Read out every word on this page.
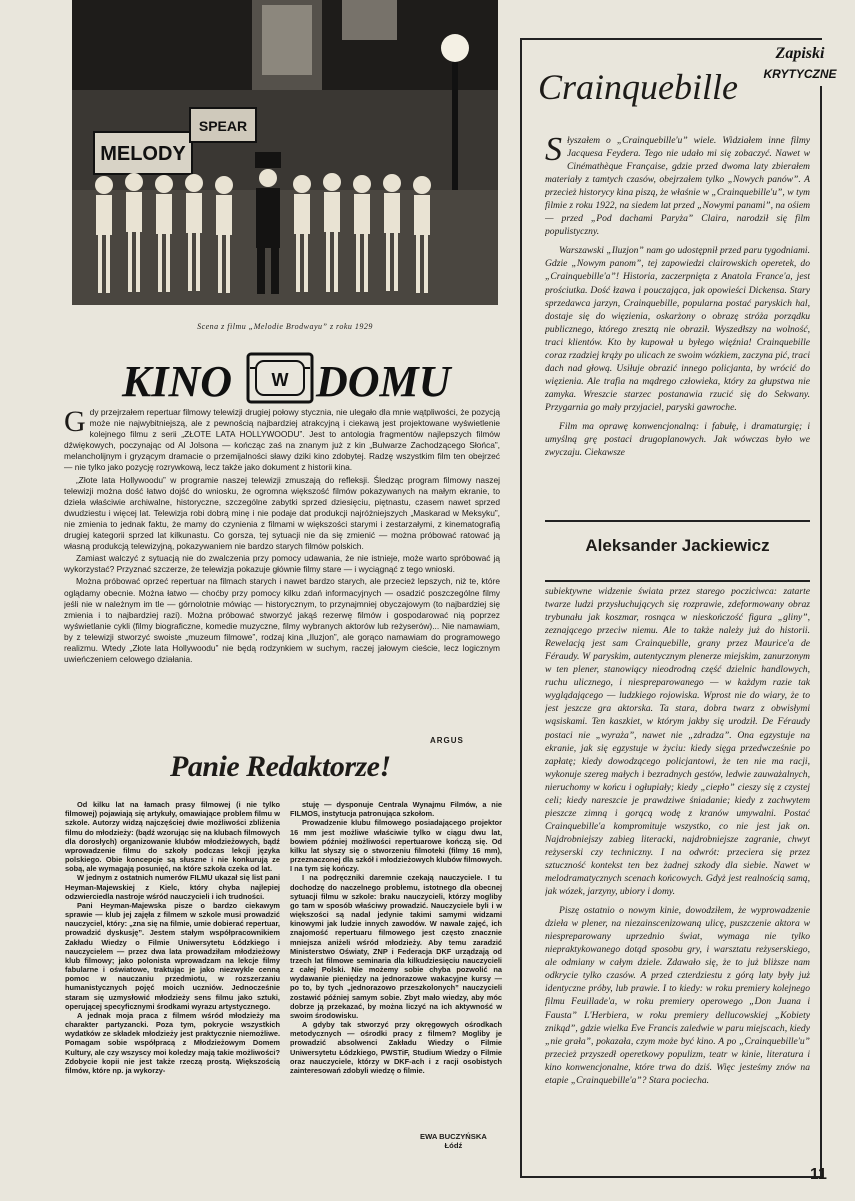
MELODY
SPEAR
Scena z filmu „Melodie Brodwayu” z roku 1929
KINO W DOMU

Gdy przejrzałem repertuar filmowy telewizji drugiej połowy stycznia, nie ulegało dla mnie wątpliwości, że pozycją może nie najwybitniejszą, ale z pewnością najbardziej atrakcyjną i ciekawą jest projektowane wyświetlenie kolejnego filmu z serii „ZŁOTE LATA HOLLYWOODU”. Jest to antologia fragmentów najlepszych filmów dźwiękowych, poczynając od Al Jolsona — kończąc zaś na znanym już z kin „Bulwarze Zachodzącego Słońca”, melancholijnym i gryzącym dramacie o przemijalności sławy dziki kino zdobytej. Radzę wszystkim film ten obejrzeć — nie tylko jako pozycję rozrywkową, lecz także jako dokument z historii kina.

„Złote lata Hollywoodu” w programie naszej telewizji zmuszają do refleksji. Śledząc program filmowy naszej telewizji można dość łatwo dojść do wniosku, że ogromna większość filmów pokazywanych na małym ekranie, to dzieła właściwie archiwalne, historyczne, szczególne zabytki sprzed dziesięciu, piętnastu, czasem nawet sprzed dwudziestu i więcej lat. Telewizja robi dobrą minę i nie podaje dat produkcji najróżniejszych „Maskarad w Meksyku”, nie zmienia to jednak faktu, że mamy do czynienia z filmami w większości starymi i zestarzałymi, z kinematografią drugiej kategorii sprzed lat kilkunastu. Co gorsza, tej sytuacji nie da się zmienić — można próbować ratować ją własną produkcją telewizyjną, pokazywaniem nie bardzo starych filmów polskich.

Zamiast walczyć z sytuacją nie do zwalczenia przy pomocy udawania, że nie istnieje, może warto spróbować ją wykorzystać? Przyznać szczerze, że telewizja pokazuje głównie filmy stare — i wyciągnąć z tego wnioski.

Można próbować oprzeć repertuar na filmach starych i nawet bardzo starych, ale przecież lepszych, niż te, które oglądamy obecnie. Można łatwo — choćby przy pomocy kilku zdań informacyjnych — osadzić poszczególne filmy jeśli nie w należnym im tle — górnolotnie mówiąc — historycznym, to przynajmniej obyczajowym (to najbardziej się zmienia i to najbardziej razi). Można próbować stworzyć jakąś rezerwę filmów i gospodarować nią poprzez wyświetlanie cykli (filmy biograficzne, komedie muzyczne, filmy wybranych aktorów lub reżyserów)... Nie namawiam, by z telewizji stworzyć swoiste „muzeum filmowe”, rodzaj kina „Iluzjon”, ale gorąco namawiam do programowego realizmu. Wtedy „Złote lata Hollywoodu” nie będą rodzynkiem w suchym, raczej jałowym cieście, lecz logicznym uwieńczeniem celowego działania.

ARGUS
Panie Redaktorze!

Od kilku lat na łamach prasy filmowej (i nie tylko filmowej) pojawiają się artykuły, omawiające problem filmu w szkole. Autorzy widzą najczęściej dwie możliwości zbliżenia filmu do młodzieży: (bądź wzorując się na klubach filmowych dla dorosłych) organizowanie klubów młodzieżowych, bądź wprowadzenie filmu do szkoły podczas lekcji języka polskiego. Obie koncepcje są słuszne i nie konkurują ze sobą, ale wymagają posunięć, na które szkoła czeka od lat.

W jednym z ostatnich numerów FILMU ukazał się list pani Heyman-Majewskiej z Kielc, który chyba najlepiej odzwierciedla nastroje wśród nauczycieli i ich trudności.

Pani Heyman-Majewska pisze o bardzo ciekawym sprawie — klub jej zajęła z filmem w szkole musi prowadzić nauczyciel, który: „zna się na filmie, umie dobierać repertuar, prowadzić dyskusję”. Jestem stałym współpracownikiem Zakładu Wiedzy o Filmie Uniwersytetu Łódzkiego i nauczycielem — przez dwa lata prowadziłam młodzieżowy klub filmowy; jako polonista wprowadzam na lekcje filmy fabularne i oświatowe, traktując je jako niezwykle cenną pomoc w nauczaniu przedmiotu, w rozszerzaniu humanistycznych pojęć moich uczniów. Jednocześnie staram się uzmysłowić młodzieży sens filmu jako sztuki, operującej specyficznymi środkami wyrazu artystycznego.

A jednak moja praca z filmem wśród młodzieży ma charakter partyzancki. Poza tym, pokrycie wszystkich wydatków ze składek młodzieży jest praktycznie niemożliwe. Pomagam sobie współpracą z Młodzieżowym Domem Kultury, ale czy wszyscy moi koledzy mają takie możliwości? Zdobycie kopii nie jest także rzeczą prostą. Większością filmów, które np. ja wykorzy-

stuję — dysponuje Centrala Wynajmu Filmów, a nie FILMOS, instytucja patronująca szkołom.

Prowadzenie klubu filmowego posiadającego projektor 16 mm jest możliwe właściwie tylko w ciągu dwu lat, bowiem później możliwości repertuarowe kończą się. Od kilku lat słyszy się o stworzeniu filmoteki (filmy 16 mm), przeznaczonej dla szkół i młodzieżowych klubów filmowych. I na tym się kończy.

I na podręczniki daremnie czekają nauczyciele. I tu dochodzę do naczelnego problemu, istotnego dla obecnej sytuacji filmu w szkole: braku nauczycieli, którzy mogliby go tam w sposób właściwy prowadzić. Nauczyciele byli i w większości są nadal jedynie takimi samymi widzami kinowymi jak ludzie innych zawodów. W nawale zajęć, ich znajomość repertuaru filmowego jest często znacznie mniejsza aniżeli wśród młodzieży. Aby temu zaradzić Ministerstwo Oświaty, ZNP i Federacja DKF urządzają od trzech lat filmowe seminaria dla kilkudziesięciu nauczycieli z całej Polski. Nie możemy sobie chyba pozwolić na wydawanie pieniędzy na jednorazowe wakacyjne kursy — po to, by tych „jednorazowo przeszkolonych” nauczycieli zostawić później samym sobie. Zbyt mało wiedzy, aby móc dobrze ją przekazać, by można liczyć na ich aktywność w swoim środowisku.

A gdyby tak stworzyć przy okręgowych ośrodkach metodycznych — ośrodki pracy z filmem? Mogliby je prowadzić absolwenci Zakładu Wiedzy o Filmie Uniwersytetu Łódzkiego, PWSTiF, Studium Wiedzy o Filmie oraz nauczyciele, którzy w DKF-ach i z racji osobistych zainteresowań zdobyli wiedzę o filmie.

EWA BUCZYŃSKA
Łódź
Zapiski
KRYTYCZNE
Crainquebille

Słyszałem o „Crainquebille'u” wiele. Widziałem inne filmy Jacquesa Feydera. Tego nie udało mi się zobaczyć. Nawet w Cinémathèque Française, gdzie przed dwoma laty zbierałem materiały z tamtych czasów, obejrzałem tylko „Nowych panów”. A przecież historycy kina piszą, że właśnie w „Crainquebille'u”, w tym filmie z roku 1922, na siedem lat przed „Nowymi panami”, na ośiem — przed „Pod dachami Paryża” Claira, narodził się film populistyczny.

Warszawski „Iluzjon” nam go udostępnił przed paru tygodniami. Gdzie „Nowym panom”, tej zapowiedzi clairowskich operetek, do „Crainquebille'a”! Historia, zaczerpnięta z Anatola France'a, jest prościutka. Dość łzawa i pouczająca, jak opowieści Dickensa. Stary sprzedawca jarzyn, Crainquebille, popularna postać paryskich hal, dostaje się do więzienia, oskarżony o obrazę stróża porządku publicznego, którego zresztą nie obraził. Wyszedłszy na wolność, traci klientów. Kto by kupował u byłego więźnia! Crainquebille coraz rzadziej krąży po ulicach ze swoim wózkiem, zaczyna pić, traci dach nad głową. Usiłuje obrazić innego policjanta, by wrócić do więzienia. Ale trafia na mądrego człowieka, który za głupstwa nie zamyka. Wreszcie starzec postanawia rzucić się do Sekwany. Przygarnia go mały przyjaciel, paryski gawroche.

Film ma oprawę konwencjonalną: i fabułę, i dramaturgię; i umyślną grę postaci drugoplanowych. Jak wówczas było we zwyczaju. Ciekawsze

Aleksander Jackiewicz

subiektywne widzenie świata przez starego pocziciwca: zatarte twarze ludzi przysłuchujących się rozprawie, zdeformowany obraz trybunału jak koszmar, rosnąca w nieskończość figura „gliny”, zeznającego przeciw niemu. Ale to także należy już do historii. Rewelacją jest sam Crainquebille, grany przez Maurice'a de Féraudy. W paryskim, autentycznym plenerze miejskim, zanurzonym w ten plener, stanowiący nieodrodną część dzielnic handlowych, ruchu ulicznego, i niespreparowanego — w każdym razie tak wyglądającego — ludzkiego rojowiska. Wprost nie do wiary, że to jest jeszcze gra aktorska. Ta stara, dobra twarz z obwisłymi wąsiskami. Ten kaszkiet, w którym jakby się urodził. De Féraudy postaci nie „wyraża”, nawet nie „zdradza”. Ona egzystuje na ekranie, jak się egzystuje w życiu: kiedy sięga przedwcześnie po zapłatę; kiedy dowodzącego policjantowi, że ten nie ma racji, wykonuje szereg małych i bezradnych gestów, ledwie zauważalnych, nieruchomy w końcu i ogłupiały; kiedy „ciepło” cieszy się z czystej celi; kiedy nareszcie je prawdziwe śniadanie; kiedy z zachwytem pieszcze zimną i gorącą wodę z kranów umywalni. Postać Crainquebille'a kompromituje wszystko, co nie jest jak on. Najdrobniejszy zabieg literacki, najdrobniejsze zagranie, chwyt reżyserski czy techniczny. I na odwrót: przeciera się przez sztuczność kontekst ten bez żadnej szkody dla siebie. Nawet w melodramatycznych scenach końcowych. Gdyż jest realnością samą, jak wózek, jarzyny, ubiory i domy.

Piszę ostatnio o nowym kinie, dowodziłem, że wyprowadzenie dzieła w plener, na niezainscenizowaną ulicę, puszczenie aktora w niespreparowany uprzednio świat, wymaga nie tylko niepraktykowanego dotąd sposobu gry, i warsztatu reżyserskiego, ale odmiany w całym dziele. Zdawało się, że to już bliższe nam odkrycie tylko czasów. A przed czterdziestu z górą laty były już identyczne próby, lub prawie. I to kiedy: w roku premiery kolejnego filmu Feuillade'a, w roku premiery operowego „Don Juana i Fausta” L'Herbiera, w roku premiery dellucowskiej „Kobiety znikąd”, gdzie wielka Eve Francis zaledwie w paru miejscach, kiedy „nie grała”, pokazała, czym może być kino. A po „Crainquebille'u” przecież przyszedł operetkowy populizm, teatr w kinie, literatura i kino konwencjonalne, które trwa do dziś. Więc jesteśmy znów na etapie „Crainquebille'a”? Stara pociecha.

11
